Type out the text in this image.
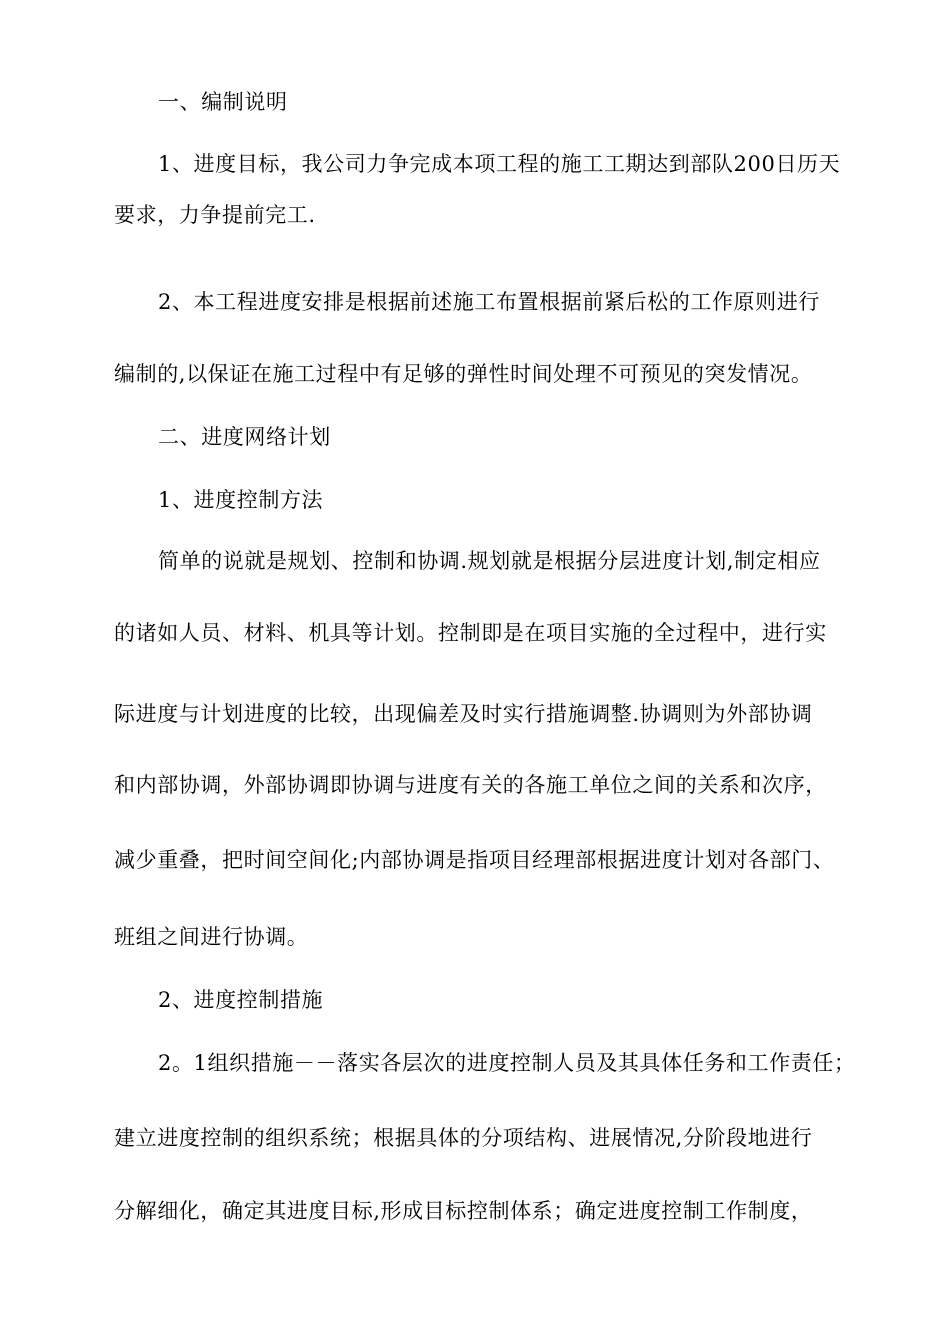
一、编制说明
1、进度目标，我公司力争完成本项工程的施工工期达到部队200日历天
要求，力争提前完工.
2、本工程进度安排是根据前述施工布置根据前紧后松的工作原则进行
编制的,以保证在施工过程中有足够的弹性时间处理不可预见的突发情况。
二、进度网络计划
1、进度控制方法
简单的说就是规划、控制和协调.规划就是根据分层进度计划,制定相应
的诸如人员、材料、机具等计划。控制即是在项目实施的全过程中，进行实
际进度与计划进度的比较，出现偏差及时实行措施调整.协调则为外部协调
和内部协调，外部协调即协调与进度有关的各施工单位之间的关系和次序，
减少重叠，把时间空间化;内部协调是指项目经理部根据进度计划对各部门、
班组之间进行协调。
2、进度控制措施
2。1组织措施－－落实各层次的进度控制人员及其具体任务和工作责任；
建立进度控制的组织系统；根据具体的分项结构、进展情况,分阶段地进行
分解细化，确定其进度目标,形成目标控制体系；确定进度控制工作制度，
